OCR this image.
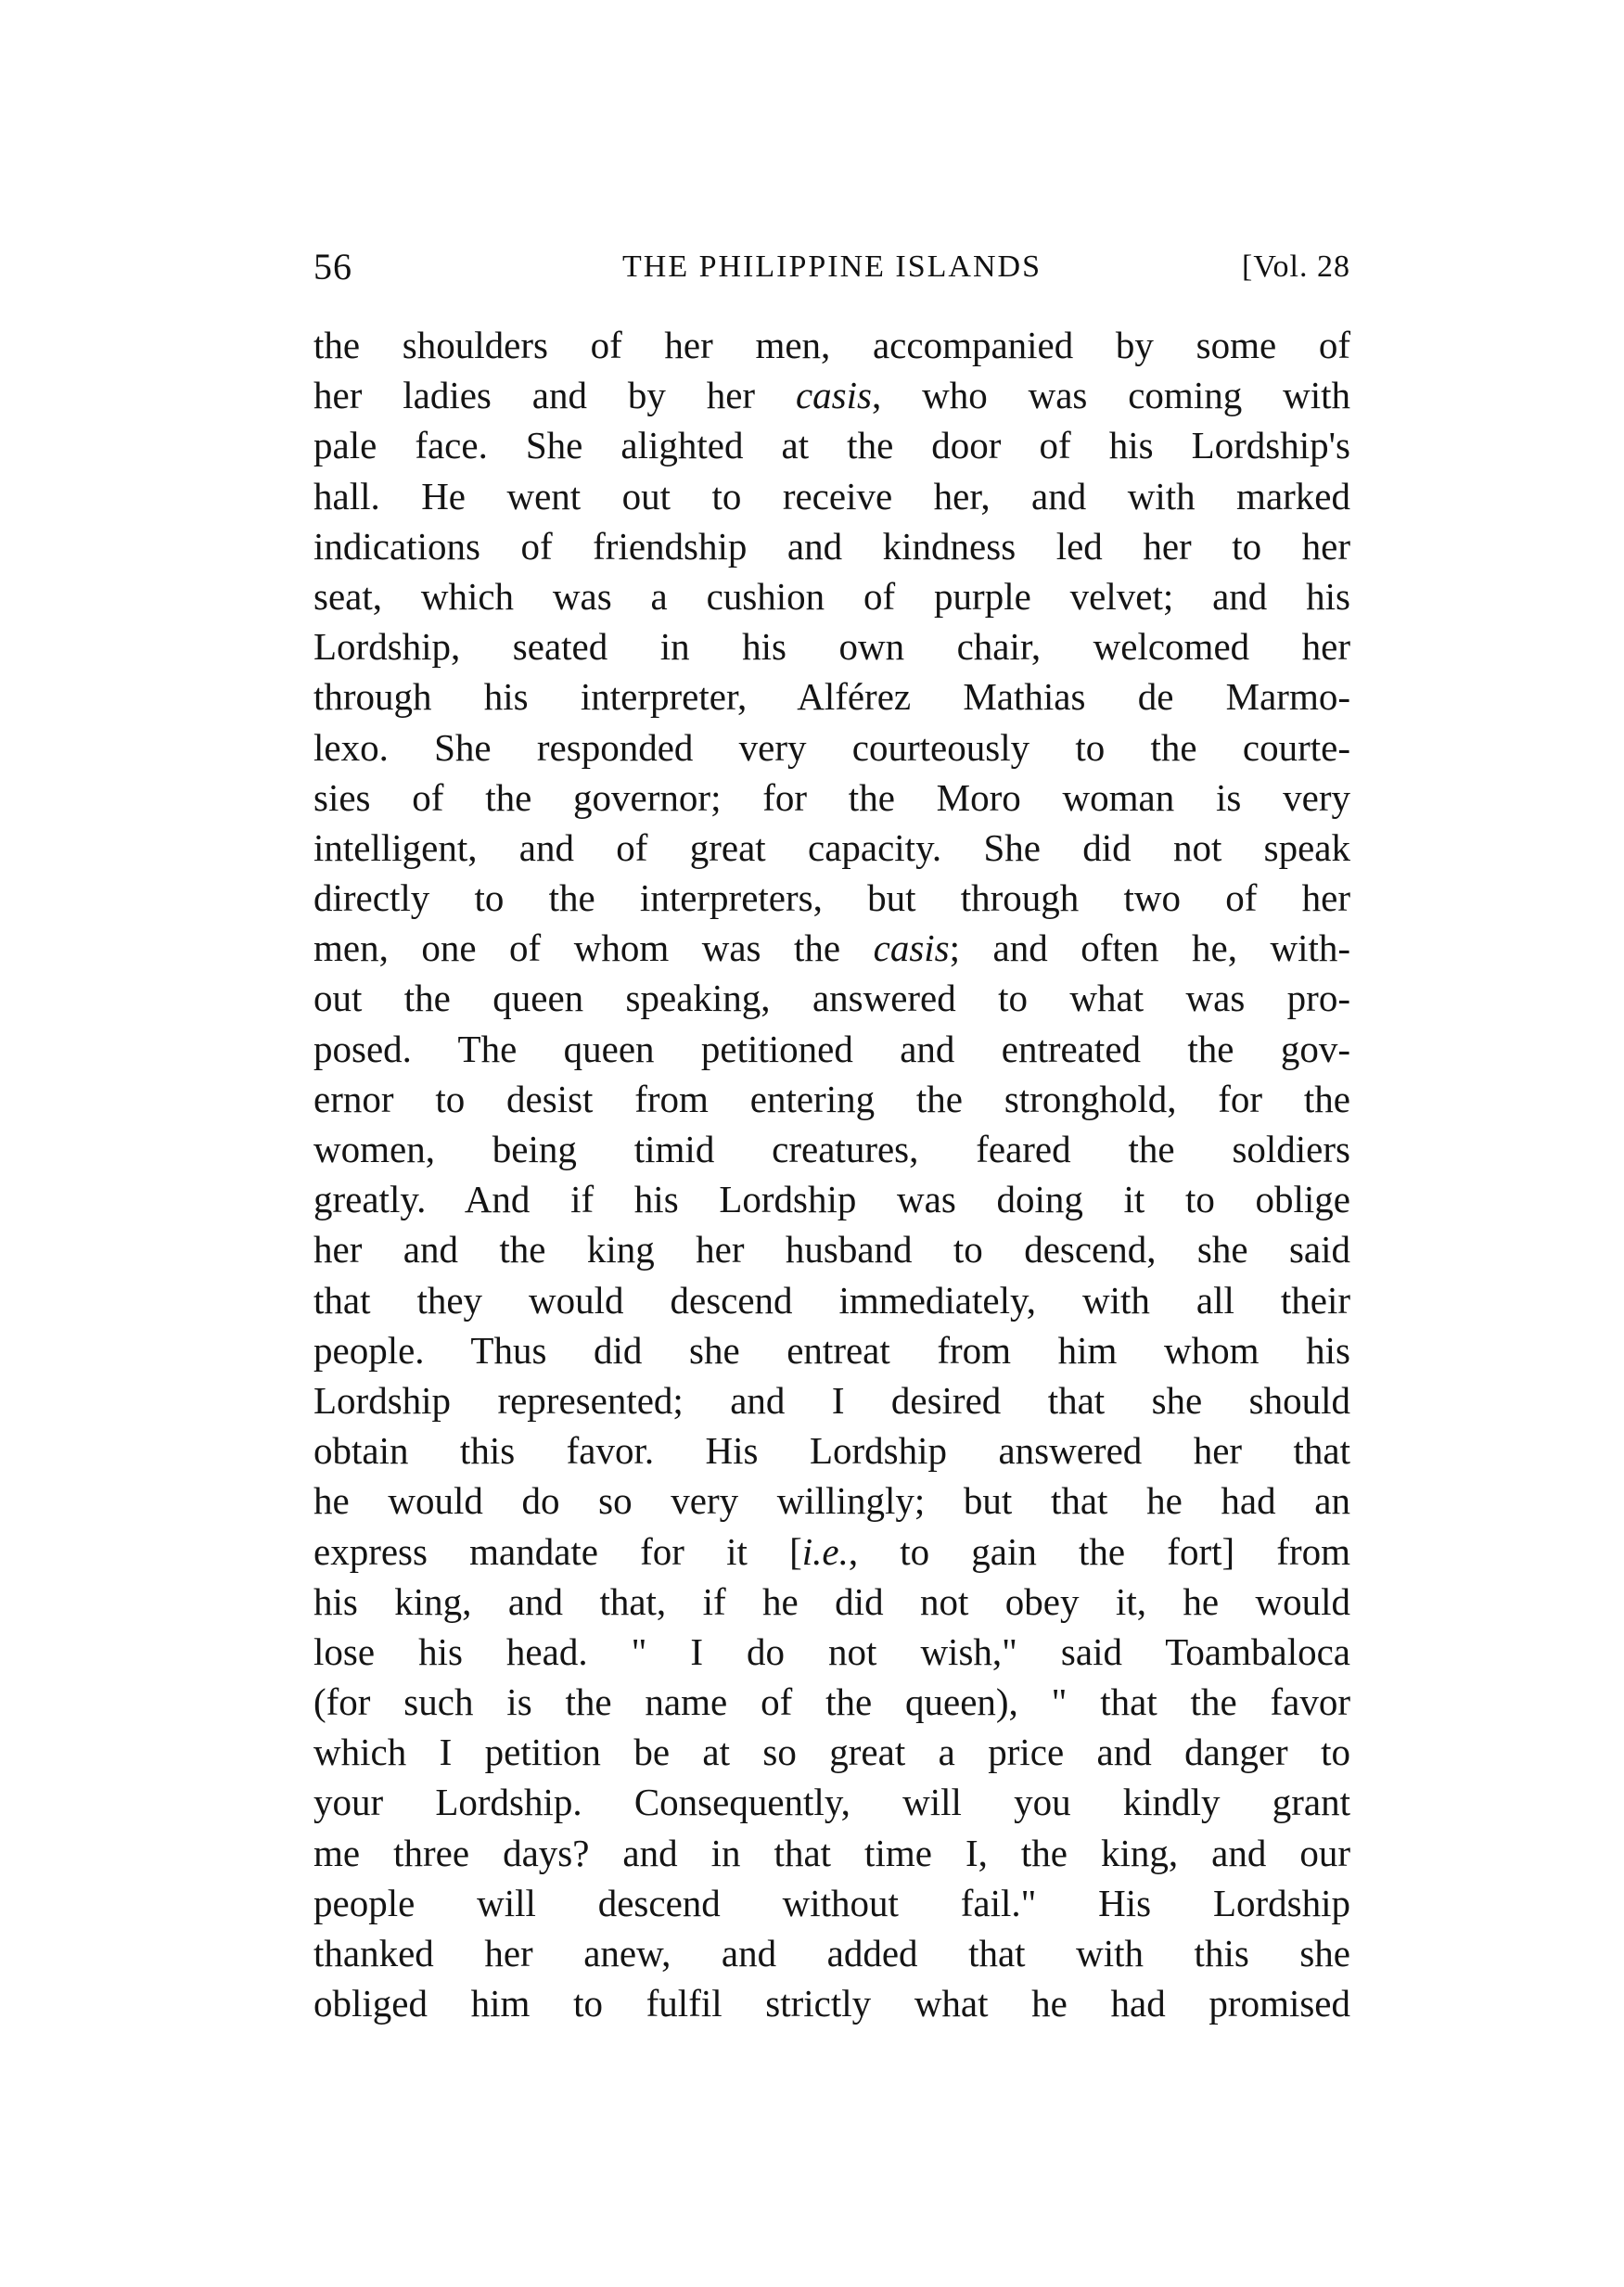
56	THE PHILIPPINE ISLANDS	[Vol. 28
the shoulders of her men, accompanied by some of
her ladies and by her casis, who was coming with
pale face. She alighted at the door of his Lordship's
hall. He went out to receive her, and with marked
indications of friendship and kindness led her to her
seat, which was a cushion of purple velvet; and his
Lordship, seated in his own chair, welcomed her
through his interpreter, Alférez Mathias de Marmo-
lexo. She responded very courteously to the courte-
sies of the governor; for the Moro woman is very
intelligent, and of great capacity. She did not speak
directly to the interpreters, but through two of her
men, one of whom was the casis; and often he, with-
out the queen speaking, answered to what was pro-
posed. The queen petitioned and entreated the gov-
ernor to desist from entering the stronghold, for the
women, being timid creatures, feared the soldiers
greatly. And if his Lordship was doing it to oblige
her and the king her husband to descend, she said
that they would descend immediately, with all their
people. Thus did she entreat from him whom his
Lordship represented; and I desired that she should
obtain this favor. His Lordship answered her that
he would do so very willingly; but that he had an
express mandate for it [i.e., to gain the fort] from
his king, and that, if he did not obey it, he would
lose his head. " I do not wish," said Toambaloca
(for such is the name of the queen), " that the favor
which I petition be at so great a price and danger to
your Lordship. Consequently, will you kindly grant
me three days? and in that time I, the king, and our
people will descend without fail." His Lordship
thanked her anew, and added that with this she
obliged him to fulfil strictly what he had promised
